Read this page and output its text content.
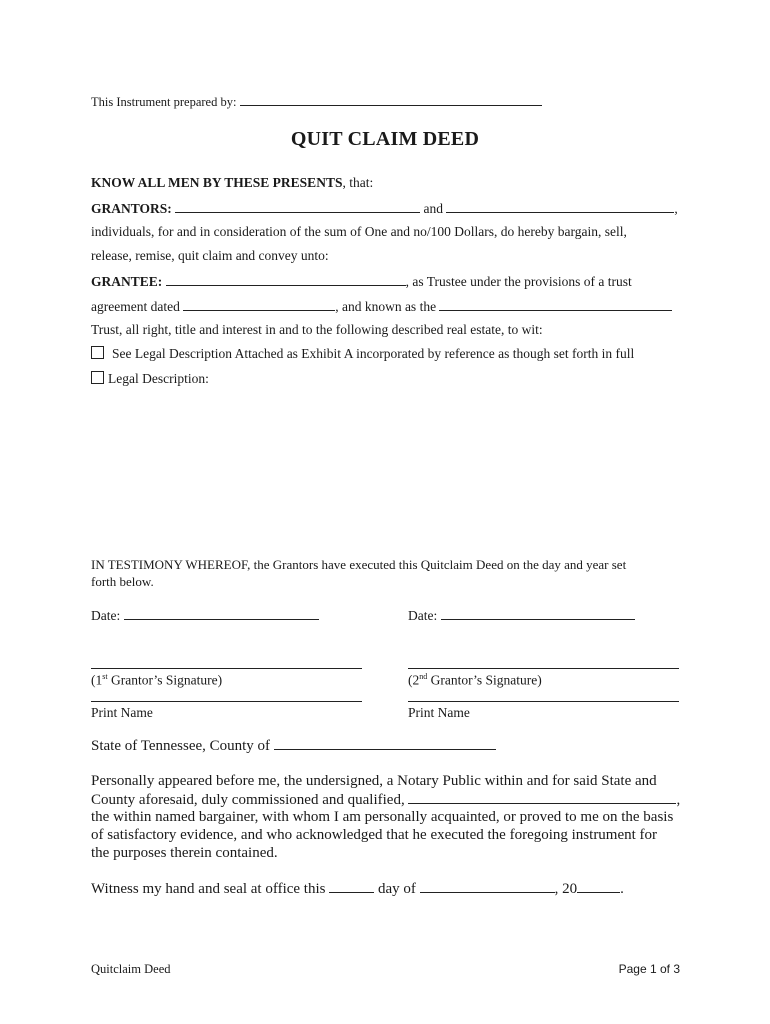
This Instrument prepared by:
QUIT CLAIM DEED
KNOW ALL MEN BY THESE PRESENTS, that:
GRANTORS:	and	,
individuals, for and in consideration of the sum of One and no/100 Dollars, do hereby bargain, sell,
release, remise, quit claim and convey unto:
GRANTEE:	, as Trustee under the provisions of a trust
agreement dated	, and known as the
Trust, all right, title and interest in and to the following described real estate, to wit:
See Legal Description Attached as Exhibit A incorporated by reference as though set forth in full
Legal Description:
IN TESTIMONY WHEREOF, the Grantors have executed this Quitclaim Deed on the day and year set
forth below.
Date:	Date:
(1st Grantor’s Signature)	(2nd Grantor’s Signature)
Print Name	Print Name
State of Tennessee, County of
Personally appeared before me, the undersigned, a Notary Public within and for said State and
County aforesaid, duly commissioned and qualified,	,
the within named bargainer, with whom I am personally acquainted, or proved to me on the basis
of satisfactory evidence, and who acknowledged that he executed the foregoing instrument for
the purposes therein contained.
Witness my hand and seal at office this	day of	, 20	.
Quitclaim Deed	Page 1 of 3
